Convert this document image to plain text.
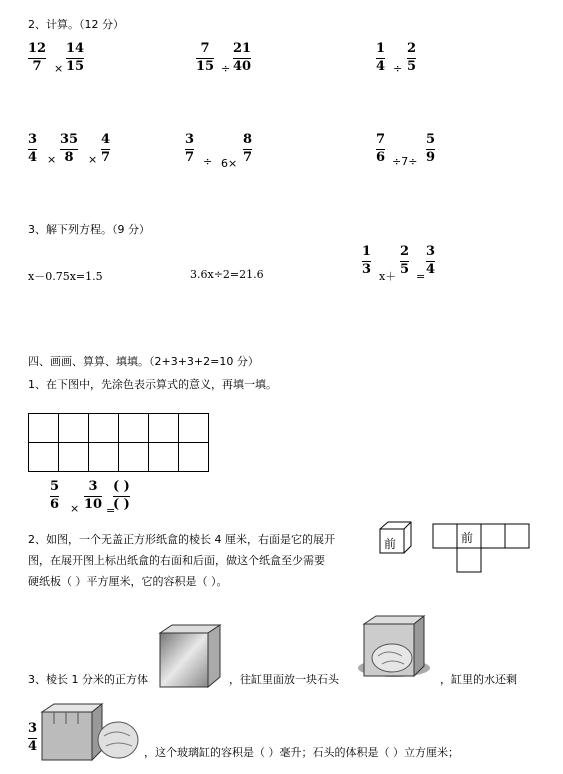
2、计算。（12 分）
12
7 ×
14
15
7
15 ÷
21
40
1
4 ÷
2
5
3
4 ×
35
8 ×
4
7
3
7 ÷ 6×
8
7
7
6 ÷7÷
5
9
3、解下列方程。（9 分）
x－0.75x=1.5	3.6x÷2=21.6
1
3 x＋
2
5 =
3
4
四、画画、算算、填填。（2+3+3+2=10 分）
1、在下图中，先涂色表示算式的意义，再填一填。

5
6 ×
3
10 =
( )
( )
2、如图，一个无盖正方形纸盒的棱长 4 厘米，右面是它的展开
图，在展开图上标出纸盒的右面和后面，做这个纸盒至少需要
硬纸板（ ）平方厘米，它的容积是（ ）。
前	前
3、棱长 1 分米的正方体	，往缸里面放一块石头	，缸里的水还剩
3
4	，这个玻璃缸的容积是（ ）毫升；石头的体积是（ ）立方厘米；
